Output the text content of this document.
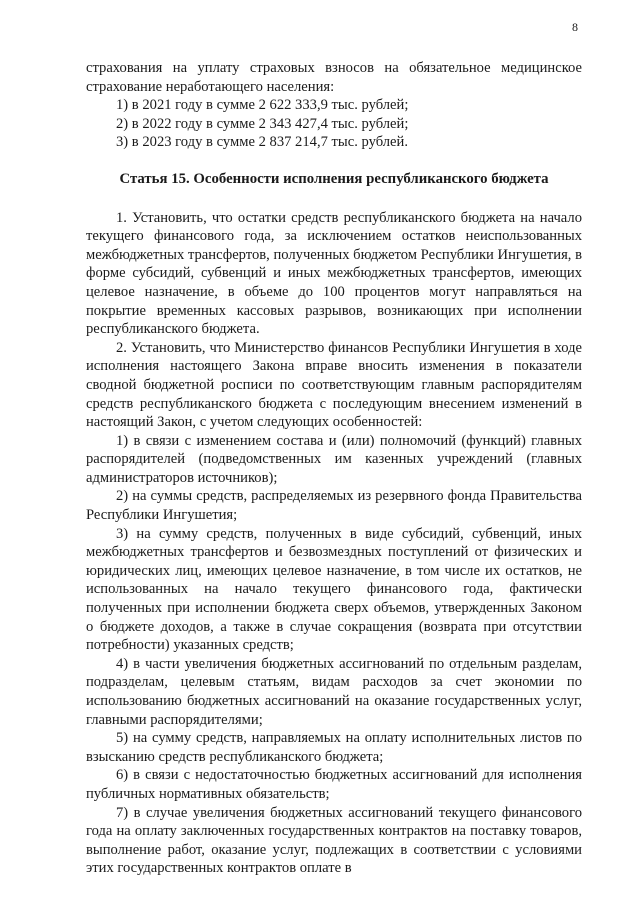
8

страхования на уплату страховых взносов на обязательное медицинское страхование неработающего населения:

1) в 2021 году в сумме 2 622 333,9 тыс. рублей;

2) в 2022 году в сумме 2 343 427,4 тыс. рублей;

3) в 2023 году в сумме 2 837 214,7 тыс. рублей.

Статья 15. Особенности исполнения республиканского бюджета

1. Установить, что остатки средств республиканского бюджета на начало текущего финансового года, за исключением остатков неиспользованных межбюджетных трансфертов, полученных бюджетом Республики Ингушетия, в форме субсидий, субвенций и иных межбюджетных трансфертов, имеющих целевое назначение, в объеме до 100 процентов могут направляться на покрытие временных кассовых разрывов, возникающих при исполнении республиканского бюджета.

2. Установить, что Министерство финансов Республики Ингушетия в ходе исполнения настоящего Закона вправе вносить изменения в показатели сводной бюджетной росписи по соответствующим главным распорядителям средств республиканского бюджета с последующим внесением изменений в настоящий Закон, с учетом следующих особенностей:

1) в связи с изменением состава и (или) полномочий (функций) главных распорядителей (подведомственных им казенных учреждений (главных администраторов источников);

2) на суммы средств, распределяемых из резервного фонда Правительства Республики Ингушетия;

3) на сумму средств, полученных в виде субсидий, субвенций, иных межбюджетных трансфертов и безвозмездных поступлений от физических и юридических лиц, имеющих целевое назначение, в том числе их остатков, не использованных на начало текущего финансового года, фактически полученных при исполнении бюджета сверх объемов, утвержденных Законом о бюджете доходов, а также в случае сокращения (возврата при отсутствии потребности) указанных средств;

4) в части увеличения бюджетных ассигнований по отдельным разделам, подразделам, целевым статьям, видам расходов за счет экономии по использованию бюджетных ассигнований на оказание государственных услуг, главными распорядителями;

5) на сумму средств, направляемых на оплату исполнительных листов по взысканию средств республиканского бюджета;

6) в связи с недостаточностью бюджетных ассигнований для исполнения публичных нормативных обязательств;

7) в случае увеличения бюджетных ассигнований текущего финансового года на оплату заключенных государственных контрактов на поставку товаров, выполнение работ, оказание услуг, подлежащих в соответствии с условиями этих государственных контрактов оплате в
